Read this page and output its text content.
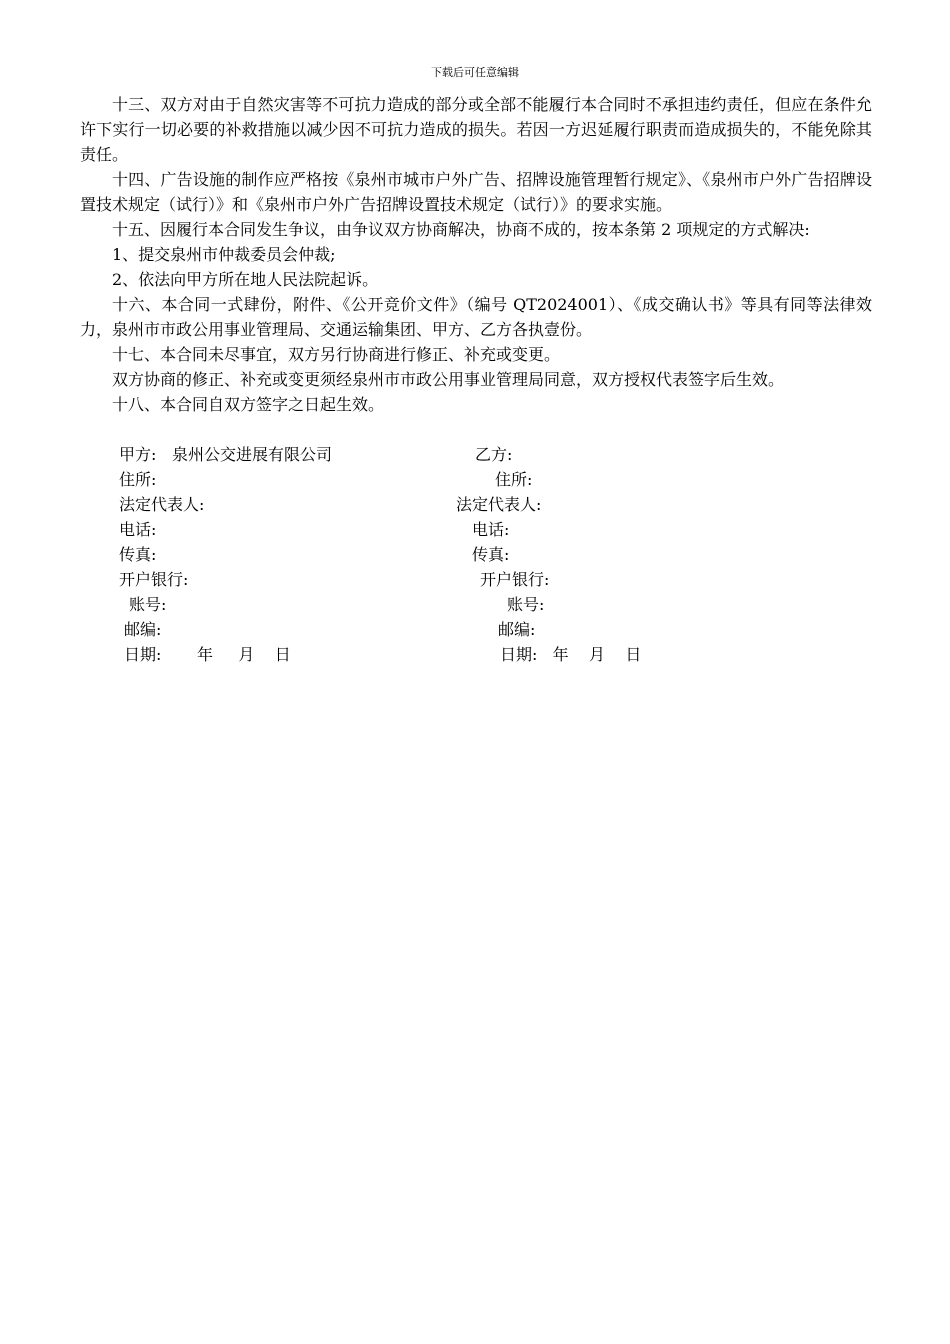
下载后可任意编辑

十三、双方对由于自然灾害等不可抗力造成的部分或全部不能履行本合同时不承担违约责任，但应在条件允许下实行一切必要的补救措施以减少因不可抗力造成的损失。若因一方迟延履行职责而造成损失的，不能免除其责任。

十四、广告设施的制作应严格按《泉州市城市户外广告、招牌设施管理暂行规定》、《泉州市户外广告招牌设置技术规定（试行）》和《泉州市户外广告招牌设置技术规定（试行）》的要求实施。

十五、因履行本合同发生争议，由争议双方协商解决，协商不成的，按本条第 2 项规定的方式解决:

1、提交泉州市仲裁委员会仲裁;

2、依法向甲方所在地人民法院起诉。

十六、本合同一式肆份，附件、《公开竞价文件》（编号 QT2024001）、《成交确认书》等具有同等法律效力，泉州市市政公用事业管理局、交通运输集团、甲方、乙方各执壹份。

十七、本合同未尽事宜，双方另行协商进行修正、补充或变更。

双方协商的修正、补充或变更须经泉州市市政公用事业管理局同意，双方授权代表签字后生效。

十八、本合同自双方签字之日起生效。

甲方: 泉州公交进展有限公司	乙方:
住所:	住所:
法定代表人:	法定代表人:
电话:	电话:
传真:	传真:
开户银行:	开户银行:
账号:	账号:
邮编:	邮编:
日期:       年     月    日	日期:   年    月    日
